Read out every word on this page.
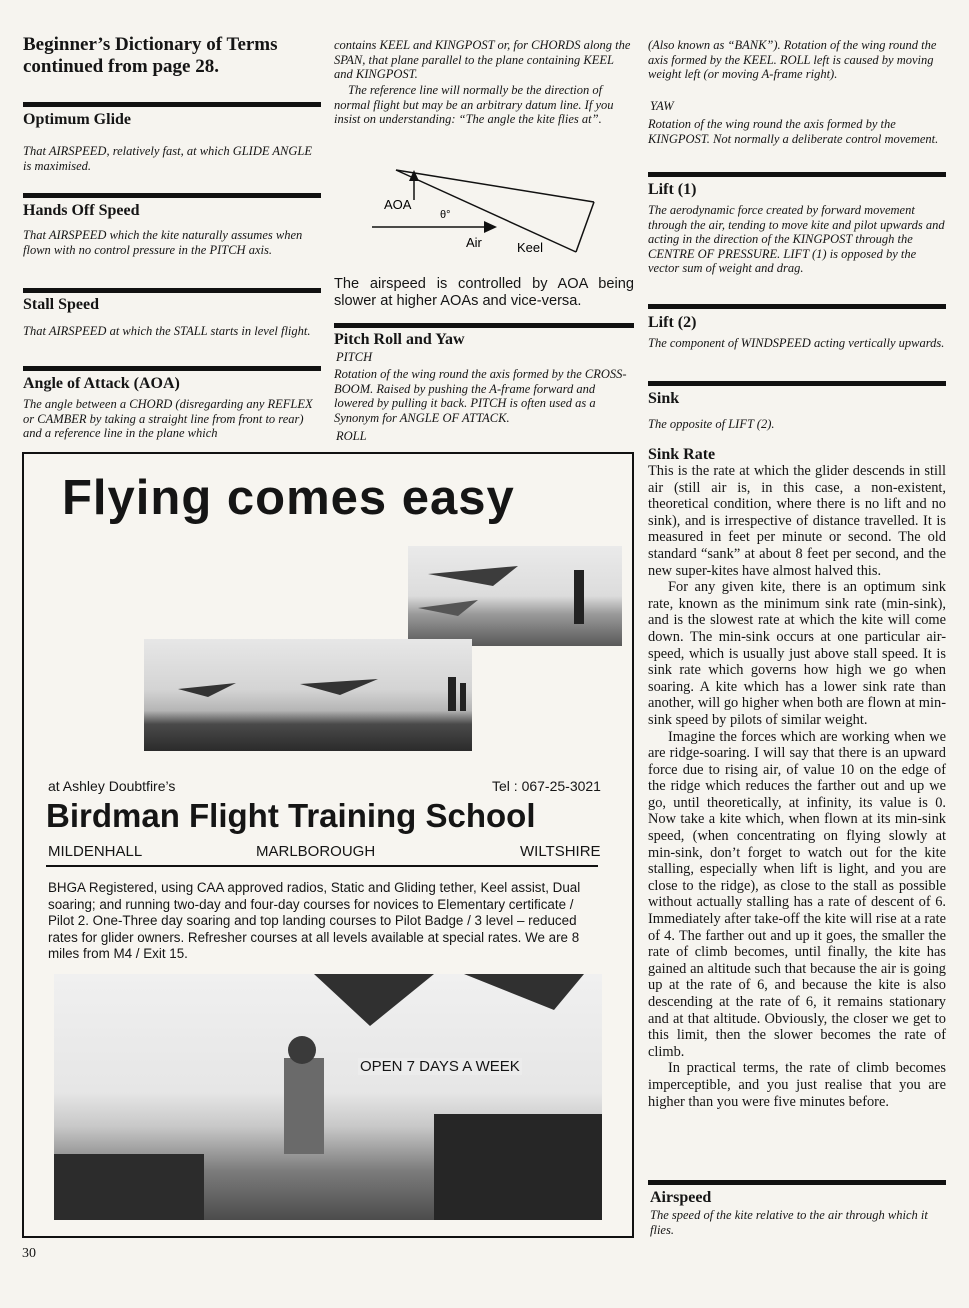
Beginner’s Dictionary of Terms continued from page 28.
Optimum Glide
That AIRSPEED, relatively fast, at which GLIDE ANGLE is maximised.
Hands Off Speed
That AIRSPEED which the kite naturally assumes when flown with no control pressure in the PITCH axis.
Stall Speed
That AIRSPEED at which the STALL starts in level flight.
Angle of Attack (AOA)
The angle between a CHORD (disregarding any REFLEX or CAMBER by taking a straight line from front to rear) and a reference line in the plane which
contains KEEL and KINGPOST or, for CHORDS along the SPAN, that plane parallel to the plane containing KEEL and KINGPOST.
The reference line will normally be the direction of normal flight but may be an arbitrary datum line. If you insist on understanding: “The angle the kite flies at”.
AOA
θ°
Air	Keel
The airspeed is controlled by AOA being slower at higher AOAs and vice-versa.
Pitch Roll and Yaw
PITCH
Rotation of the wing round the axis formed by the CROSS-BOOM. Raised by pushing the A-frame forward and lowered by pulling it back. PITCH is often used as a Synonym for ANGLE OF ATTACK.
ROLL
(Also known as “BANK”). Rotation of the wing round the axis formed by the KEEL. ROLL left is caused by moving weight left (or moving A-frame right).
YAW
Rotation of the wing round the axis formed by the KINGPOST. Not normally a deliberate control movement.
Lift (1)
The aerodynamic force created by forward movement through the air, tending to move kite and pilot upwards and acting in the direction of the KINGPOST through the CENTRE OF PRESSURE. LIFT (1) is opposed by the vector sum of weight and drag.
Lift (2)
The component of WINDSPEED acting vertically upwards.
Sink
The opposite of LIFT (2).
Sink Rate

This is the rate at which the glider descends in still air (still air is, in this case, a non-existent, theoretical condition, where there is no lift and no sink), and is irrespective of distance travelled. It is measured in feet per minute or second. The old standard “sank” at about 8 feet per second, and the new super-kites have almost halved this.

For any given kite, there is an optimum sink rate, known as the minimum sink rate (min-sink), and is the slowest rate at which the kite will come down. The min-sink occurs at one particular air-speed, which is usually just above stall speed. It is sink rate which governs how high we go when soaring. A kite which has a lower sink rate than another, will go higher when both are flown at min-sink speed by pilots of similar weight.

Imagine the forces which are working when we are ridge-soaring. I will say that there is an upward force due to rising air, of value 10 on the edge of the ridge which reduces the farther out and up we go, until theoretically, at infinity, its value is 0. Now take a kite which, when flown at its min-sink speed, (when concentrating on flying slowly at min-sink, don’t forget to watch out for the kite stalling, especially when lift is light, and you are close to the ridge), as close to the stall as possible without actually stalling has a rate of descent of 6. Immediately after take-off the kite will rise at a rate of 4. The farther out and up it goes, the smaller the rate of climb becomes, until finally, the kite has gained an altitude such that because the air is going up at the rate of 6, and because the kite is also descending at the rate of 6, it remains stationary and at that altitude. Obviously, the closer we get to this limit, then the slower becomes the rate of climb.

In practical terms, the rate of climb becomes imperceptible, and you just realise that you are higher than you were five minutes before.

Airspeed
The speed of the kite relative to the air through which it flies.
Flying comes easy
at Ashley Doubtfire’s	Tel : 067-25-3021
Birdman Flight Training School
MILDENHALL	MARLBOROUGH	WILTSHIRE
BHGA Registered, using CAA approved radios, Static and Gliding tether, Keel assist, Dual soaring; and running two-day and four-day courses for novices to Elementary certificate / Pilot 2. One-Three day soaring and top landing courses to Pilot Badge / 3 level – reduced rates for glider owners. Refresher courses at all levels available at special rates. We are 8 miles from M4 / Exit 15.
OPEN 7 DAYS A WEEK
30
